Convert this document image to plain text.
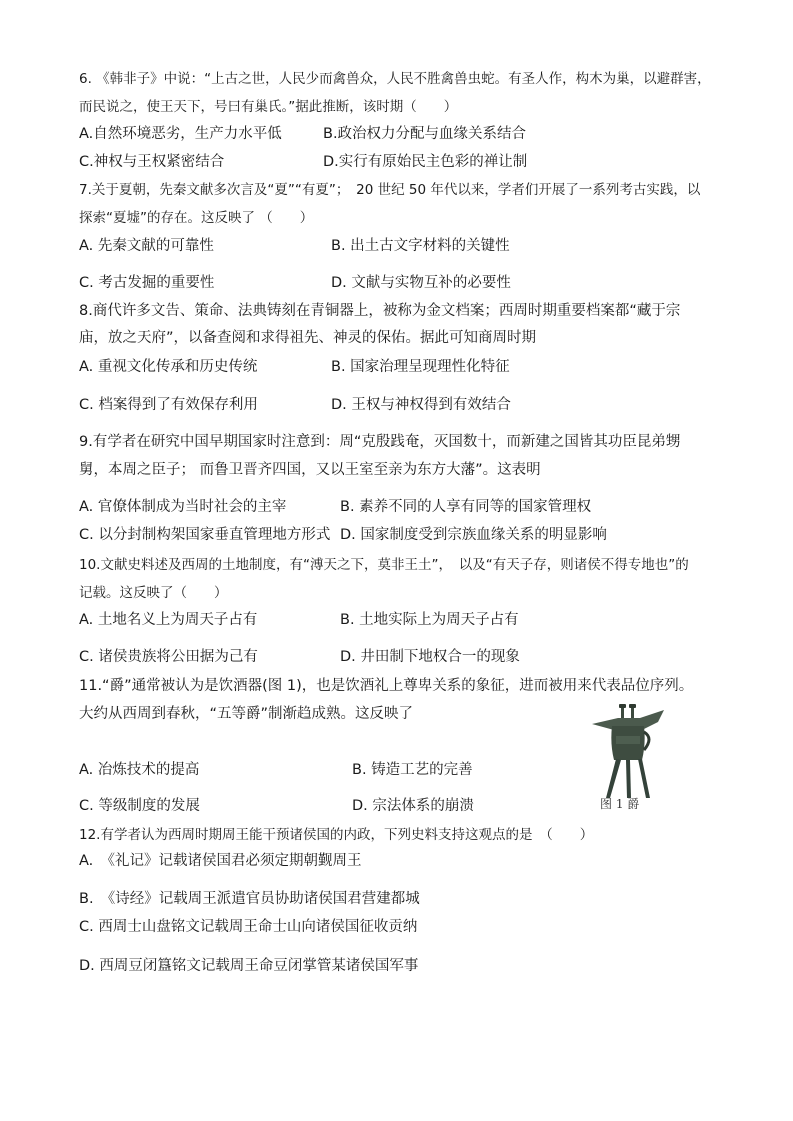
6. 《韩非子》中说：“上古之世，人民少而禽兽众，人民不胜禽兽虫蛇。有圣人作，构木为巢，以避群害，
而民说之，使王天下，号曰有巢氏。”据此推断，该时期（　　）
A.自然环境恶劣，生产力水平低	B.政治权力分配与血缘关系结合
C.神权与王权紧密结合	D.实行有原始民主色彩的禅让制
7.关于夏朝，先秦文献多次言及“夏”“有夏”；　20 世纪 50 年代以来，学者们开展了一系列考古实践，以
探索“夏墟”的存在。这反映了 （　　）
A. 先秦文献的可靠性	B. 出土古文字材料的关键性
C. 考古发掘的重要性	D. 文献与实物互补的必要性
8.商代许多文告、策命、法典铸刻在青铜器上，被称为金文档案；西周时期重要档案都“藏于宗
庙，放之天府”，以备查阅和求得祖先、神灵的保佑。据此可知商周时期
A. 重视文化传承和历史传统	B. 国家治理呈现理性化特征
C. 档案得到了有效保存利用	D. 王权与神权得到有效结合
9.有学者在研究中国早期国家时注意到：周“克殷践奄，灭国数十，而新建之国皆其功臣昆弟甥
舅，本周之臣子； 而鲁卫晋齐四国，又以王室至亲为东方大藩”。这表明
A. 官僚体制成为当时社会的主宰	B. 素养不同的人享有同等的国家管理权
C. 以分封制构架国家垂直管理地方形式 D. 国家制度受到宗族血缘关系的明显影响
10.文献史料述及西周的土地制度，有“溥天之下，莫非王土”，　以及“有天子存，则诸侯不得专地也”的
记载。这反映了（　　）
A. 土地名义上为周天子占有	B. 土地实际上为周天子占有
C. 诸侯贵族将公田据为己有	D. 井田制下地权合一的现象
11.“爵”通常被认为是饮酒器(图 1)，也是饮酒礼上尊卑关系的象征，进而被用来代表品位序列。
大约从西周到春秋，“五等爵”制渐趋成熟。这反映了
图 1 爵
A. 冶炼技术的提高	B. 铸造工艺的完善
C. 等级制度的发展	D. 宗法体系的崩溃
12.有学者认为西周时期周王能干预诸侯国的内政，下列史料支持这观点的是　（　　）
A.　《礼记》记载诸侯国君必须定期朝觐周王
B.　《诗经》记载周王派遣官员协助诸侯国君营建都城
C. 西周士山盘铭文记载周王命士山向诸侯国征收贡纳
D. 西周豆闭簋铭文记载周王命豆闭掌管某诸侯国军事
